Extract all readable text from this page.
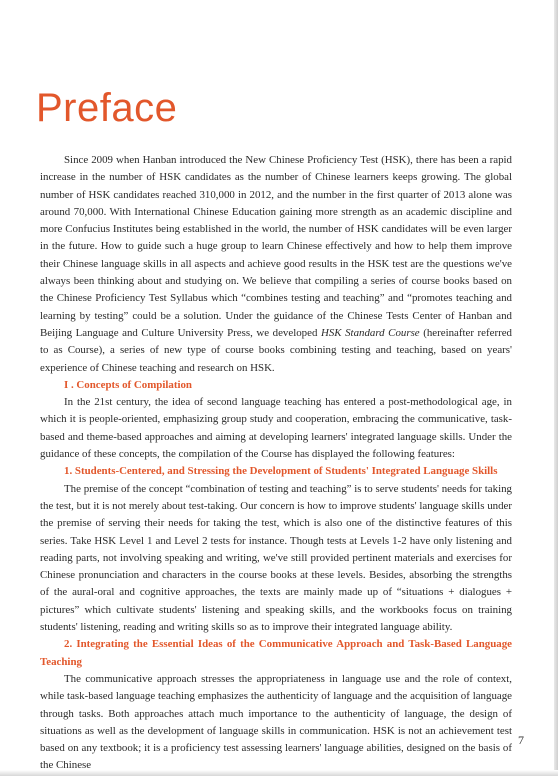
Preface

Since 2009 when Hanban introduced the New Chinese Proficiency Test (HSK), there has been a rapid increase in the number of HSK candidates as the number of Chinese learners keeps growing. The global number of HSK candidates reached 310,000 in 2012, and the number in the first quarter of 2013 alone was around 70,000. With International Chinese Education gaining more strength as an academic discipline and more Confucius Institutes being established in the world, the number of HSK candidates will be even larger in the future. How to guide such a huge group to learn Chinese effectively and how to help them improve their Chinese language skills in all aspects and achieve good results in the HSK test are the questions we've always been thinking about and studying on. We believe that compiling a series of course books based on the Chinese Proficiency Test Syllabus which “combines testing and teaching” and “promotes teaching and learning by testing” could be a solution. Under the guidance of the Chinese Tests Center of Hanban and Beijing Language and Culture University Press, we developed HSK Standard Course (hereinafter referred to as Course), a series of new type of course books combining testing and teaching, based on years' experience of Chinese teaching and research on HSK.

I . Concepts of Compilation

In the 21st century, the idea of second language teaching has entered a post-methodological age, in which it is people-oriented, emphasizing group study and cooperation, embracing the communicative, task-based and theme-based approaches and aiming at developing learners' integrated language skills. Under the guidance of these concepts, the compilation of the Course has displayed the following features:

1. Students-Centered, and Stressing the Development of Students' Integrated Language Skills

The premise of the concept “combination of testing and teaching” is to serve students' needs for taking the test, but it is not merely about test-taking. Our concern is how to improve students' language skills under the premise of serving their needs for taking the test, which is also one of the distinctive features of this series. Take HSK Level 1 and Level 2 tests for instance. Though tests at Levels 1-2 have only listening and reading parts, not involving speaking and writing, we've still provided pertinent materials and exercises for Chinese pronunciation and characters in the course books at these levels. Besides, absorbing the strengths of the aural-oral and cognitive approaches, the texts are mainly made up of “situations + dialogues + pictures” which cultivate students' listening and speaking skills, and the workbooks focus on training students' listening, reading and writing skills so as to improve their integrated language ability.

2. Integrating the Essential Ideas of the Communicative Approach and Task-Based Language Teaching

The communicative approach stresses the appropriateness in language use and the role of context, while task-based language teaching emphasizes the authenticity of language and the acquisition of language through tasks. Both approaches attach much importance to the authenticity of language, the design of situations as well as the development of language skills in communication. HSK is not an achievement test based on any textbook; it is a proficiency test assessing learners' language abilities, designed on the basis of the Chinese

7
